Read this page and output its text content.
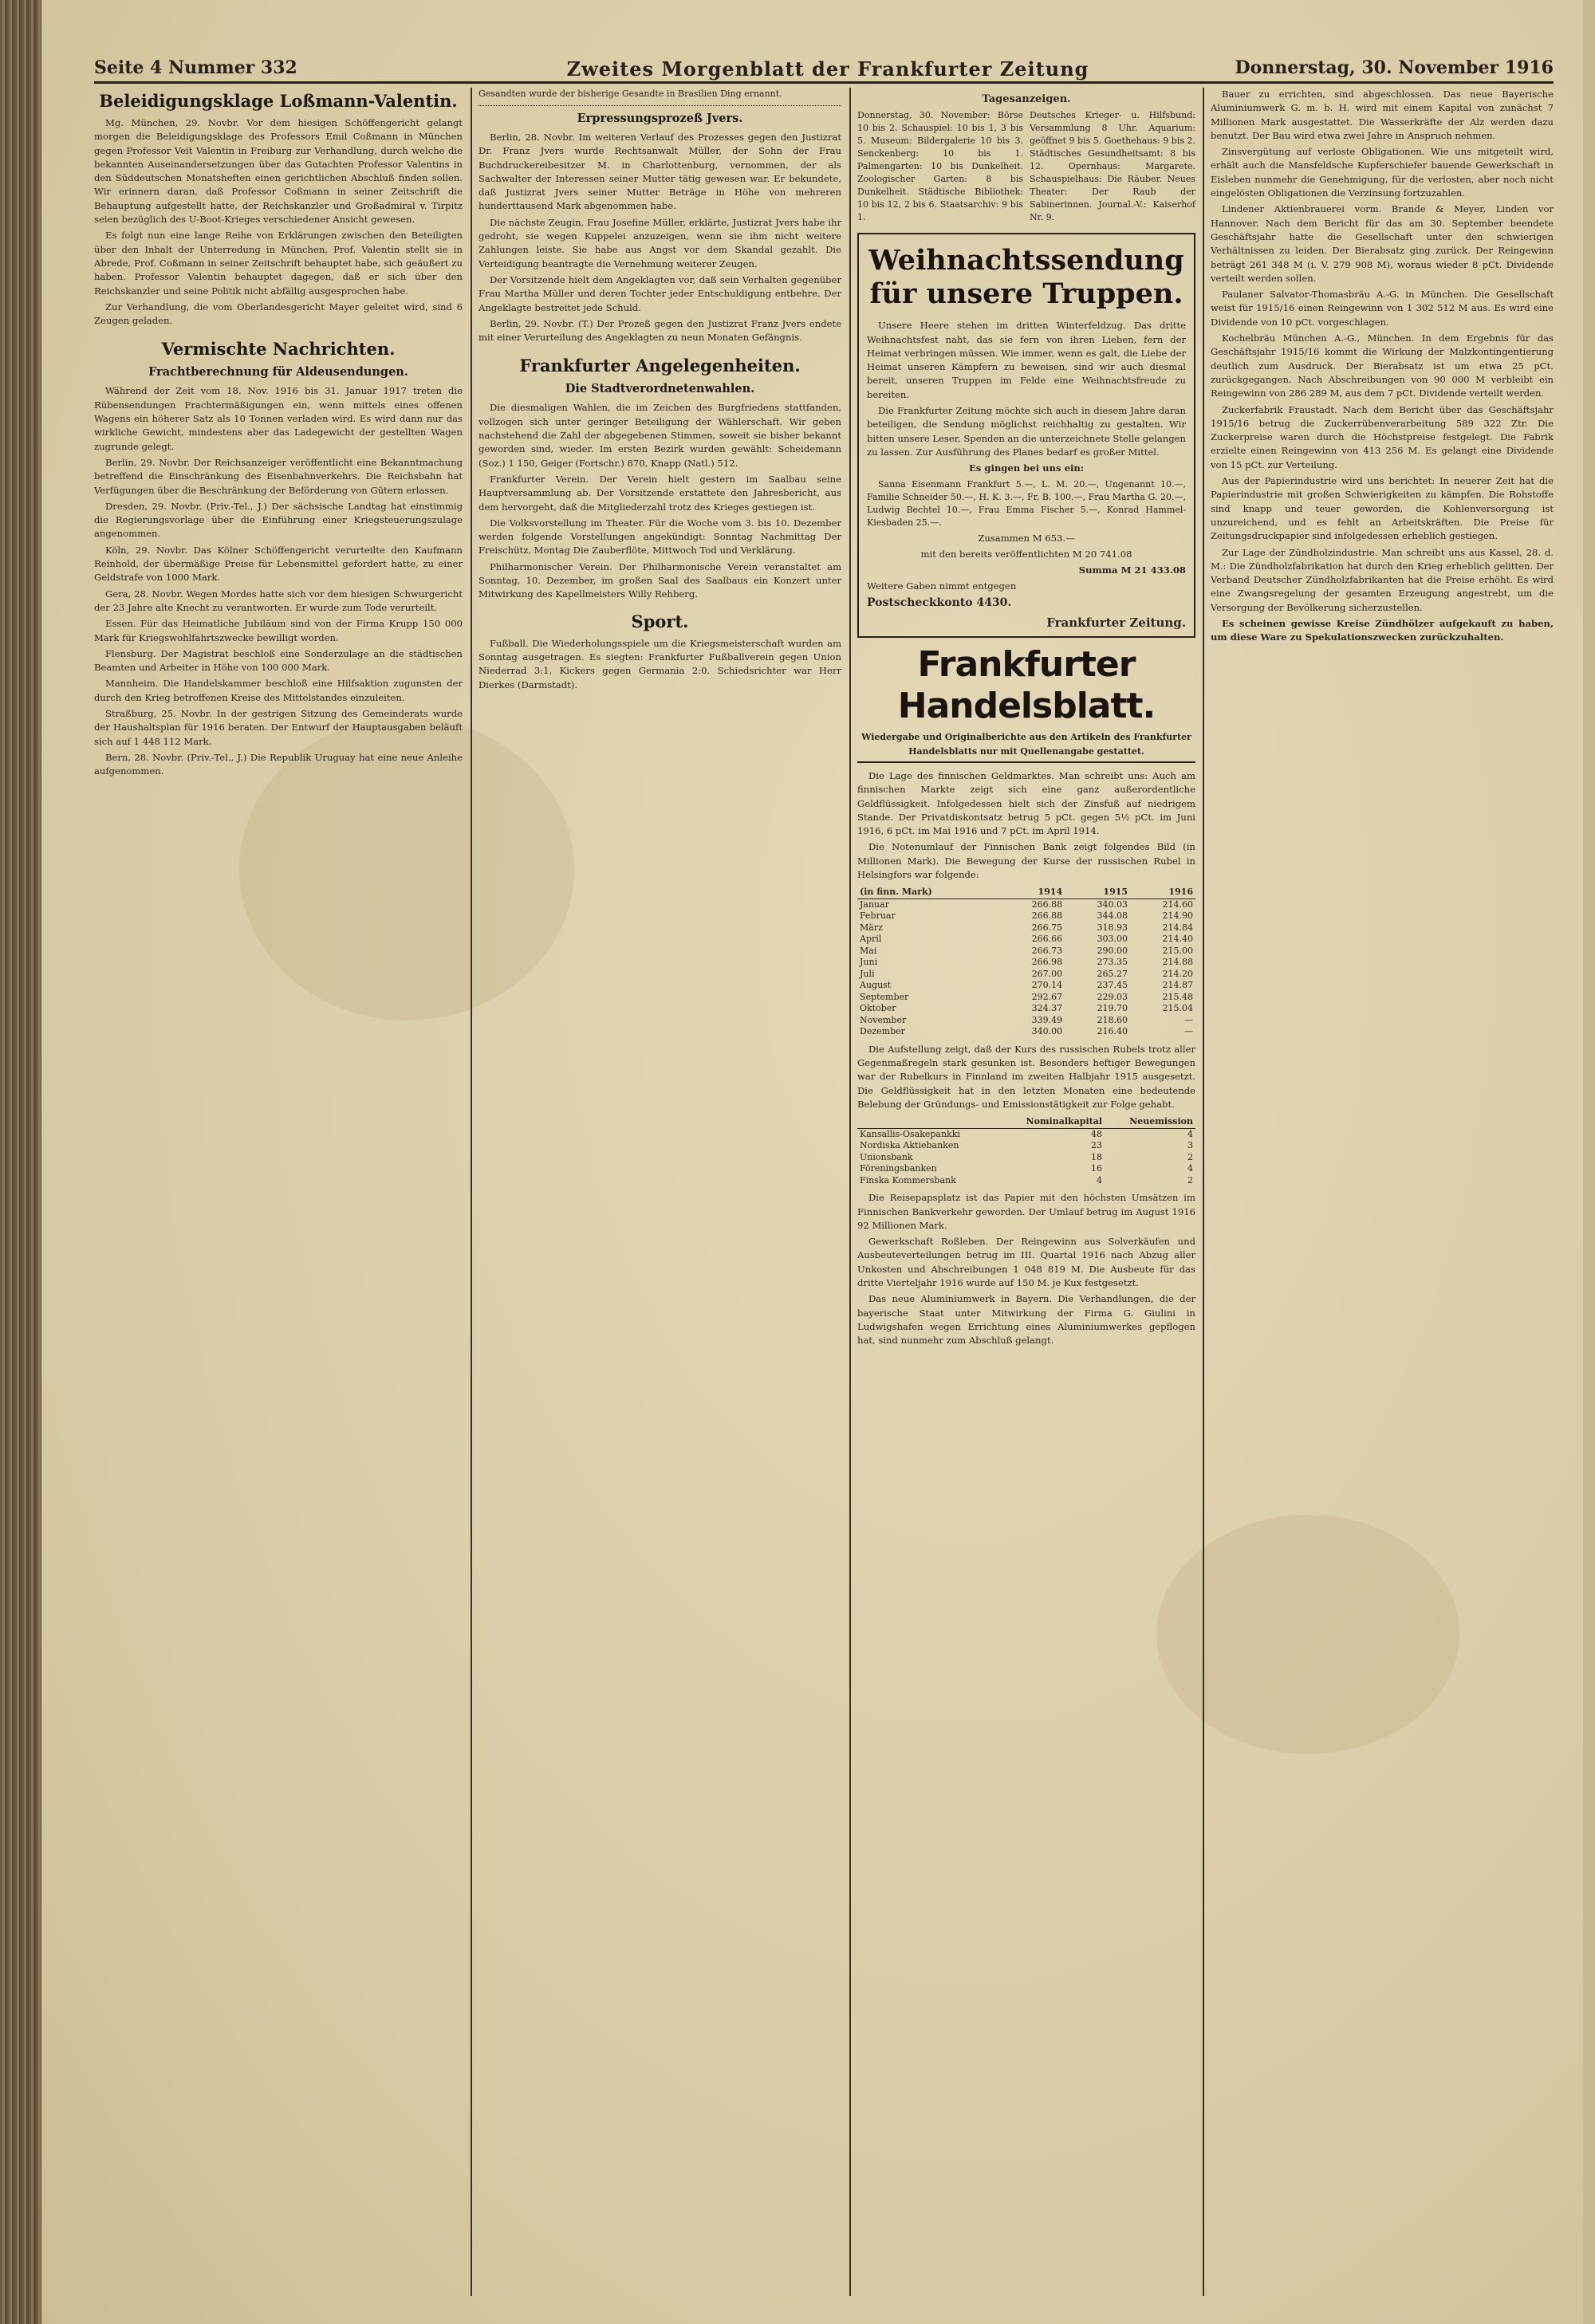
Seite 4 Nummer 332	Zweites Morgenblatt der Frankfurter Zeitung	Donnerstag, 30. November 1916
Beleidigungsklage Loßmann-Valentin.

Mg. München, 29. Novbr. Vor dem hiesigen Schöffengericht gelangt morgen die Beleidigungsklage des Professors Emil Coßmann in München gegen Professor Veit Valentin in Freiburg zur Verhandlung, durch welche die bekannten Auseinandersetzungen über das Gutachten Professor Valentins in den Süddeutschen Monatsheften einen gerichtlichen Abschluß finden sollen. Wir erinnern daran, daß Professor Coßmann in seiner Zeitschrift die Behauptung aufgestellt hatte, der Reichskanzler und Großadmiral v. Tirpitz seien bezüglich des U-Boot-Krieges verschiedener Ansicht gewesen.

Es folgt nun eine lange Reihe von Erklärungen zwischen den Beteiligten über den Inhalt der Unterredung in München, Prof. Valentin stellt sie in Abrede, Prof. Coßmann in seiner Zeitschrift behauptet habe, sich geäußert zu haben. Professor Valentin behauptet dagegen, daß er sich über den Reichskanzler und seine Politik nicht abfällig ausgesprochen habe.

Zur Verhandlung, die vom Oberlandesgericht Mayer geleitet wird, sind 6 Zeugen geladen.

Vermischte Nachrichten.
Frachtberechnung für Aldeusendungen.

Während der Zeit vom 18. Nov. 1916 bis 31. Januar 1917 treten die Rübensendungen Frachtermäßigungen ein, wenn mittels eines offenen Wagens ein höherer Satz als 10 Tonnen verladen wird. Es wird dann nur das wirkliche Gewicht, mindestens aber das Ladegewicht der gestellten Wagen zugrunde gelegt.

Berlin, 29. Novbr. Der Reichsanzeiger veröffentlicht eine Bekanntmachung betreffend die Einschränkung des Eisenbahnverkehrs. Die Reichsbahn hat Verfügungen über die Beschränkung der Beförderung von Gütern erlassen.

Dresden, 29. Novbr. (Priv.-Tel., J.) Der sächsische Landtag hat einstimmig die Regierungsvorlage über die Einführung einer Kriegsteuerungszulage angenommen.

Köln, 29. Novbr. Das Kölner Schöffengericht verurteilte den Kaufmann Reinhold, der übermäßige Preise für Lebensmittel gefordert hatte, zu einer Geldstrafe von 1000 Mark.

Gera, 28. Novbr. Wegen Mordes hatte sich vor dem hiesigen Schwurgericht der 23 Jahre alte Knecht zu verantworten. Er wurde zum Tode verurteilt.

Essen. Für das Heimatliche Jubiläum sind von der Firma Krupp 150 000 Mark für Kriegswohlfahrtszwecke bewilligt worden.

Flensburg. Der Magistrat beschloß eine Sonderzulage an die städtischen Beamten und Arbeiter in Höhe von 100 000 Mark.

Mannheim. Die Handelskammer beschloß eine Hilfsaktion zugunsten der durch den Krieg betroffenen Kreise des Mittelstandes einzuleiten.

Straßburg, 25. Novbr. In der gestrigen Sitzung des Gemeinderats wurde der Haushaltsplan für 1916 beraten. Der Entwurf der Hauptausgaben beläuft sich auf 1 448 112 Mark.

Bern, 28. Novbr. (Priv.-Tel., J.) Die Republik Uruguay hat eine neue Anleihe aufgenommen.

Gesandten wurde der bisherige Gesandte in Brasilien Ding ernannt.

Erpressungsprozeß Jvers.

Berlin, 28. Novbr. Im weiteren Verlauf des Prozesses gegen den Justizrat Dr. Franz Jvers wurde Rechtsanwalt Müller, der Sohn der Frau Buchdruckereibesitzer M. in Charlottenburg, vernommen, der als Sachwalter der Interessen seiner Mutter tätig gewesen war. Er bekundete, daß Justizrat Jvers seiner Mutter Beträge in Höhe von mehreren hunderttausend Mark abgenommen habe.

Die nächste Zeugin, Frau Josefine Müller, erklärte, Justizrat Jvers habe ihr gedroht, sie wegen Kuppelei anzuzeigen, wenn sie ihm nicht weitere Zahlungen leiste. Sie habe aus Angst vor dem Skandal gezahlt. Die Verteidigung beantragte die Vernehmung weiterer Zeugen.

Der Vorsitzende hielt dem Angeklagten vor, daß sein Verhalten gegenüber Frau Martha Müller und deren Tochter jeder Entschuldigung entbehre. Der Angeklagte bestreitet jede Schuld.

Berlin, 29. Novbr. (T.) Der Prozeß gegen den Justizrat Franz Jvers endete mit einer Verurteilung des Angeklagten zu neun Monaten Gefängnis.

Frankfurter Angelegenheiten.
Die Stadtverordnetenwahlen.

Die diesmaligen Wahlen, die im Zeichen des Burgfriedens stattfanden, vollzogen sich unter geringer Beteiligung der Wählerschaft. Wir geben nachstehend die Zahl der abgegebenen Stimmen, soweit sie bisher bekannt geworden sind, wieder. Im ersten Bezirk wurden gewählt: Scheidemann (Soz.) 1 150, Geiger (Fortschr.) 870, Knapp (Natl.) 512.

Frankfurter Verein. Der Verein hielt gestern im Saalbau seine Hauptversammlung ab. Der Vorsitzende erstattete den Jahresbericht, aus dem hervorgeht, daß die Mitgliederzahl trotz des Krieges gestiegen ist.

Die Volksvorstellung im Theater. Für die Woche vom 3. bis 10. Dezember werden folgende Vorstellungen angekündigt: Sonntag Nachmittag Der Freischütz, Montag Die Zauberflöte, Mittwoch Tod und Verklärung.

Philharmonischer Verein. Der Philharmonische Verein veranstaltet am Sonntag, 10. Dezember, im großen Saal des Saalbaus ein Konzert unter Mitwirkung des Kapellmeisters Willy Rehberg.

Sport.

Fußball. Die Wiederholungsspiele um die Kriegsmeisterschaft wurden am Sonntag ausgetragen. Es siegten: Frankfurter Fußballverein gegen Union Niederrad 3:1, Kickers gegen Germania 2:0. Schiedsrichter war Herr Dierkes (Darmstadt).

Tagesanzeigen.

Donnerstag, 30. November: Börse 10 bis 2. Schauspiel: 10 bis 1, 3 bis 5. Museum: Bildergalerie 10 bis 3. Senckenberg: 10 bis 1. Palmengarten: 10 bis Dunkelheit. Zoologischer Garten: 8 bis Dunkelheit. Städtische Bibliothek: 10 bis 12, 2 bis 6. Staatsarchiv: 9 bis 1.

Deutsches Krieger- u. Hilfsbund: Versammlung 8 Uhr. Aquarium: geöffnet 9 bis 5. Goethehaus: 9 bis 2. Städtisches Gesundheitsamt: 8 bis 12. Opernhaus: Margarete. Schauspielhaus: Die Räuber. Neues Theater: Der Raub der Sabinerinnen. Journal.-V.: Kaiserhof Nr. 9.

Weihnachtssendung für unsere Truppen.

Unsere Heere stehen im dritten Winterfeldzug. Das dritte Weihnachtsfest naht, das sie fern von ihren Lieben, fern der Heimat verbringen müssen. Wie immer, wenn es galt, die Liebe der Heimat unseren Kämpfern zu beweisen, sind wir auch diesmal bereit, unseren Truppen im Felde eine Weihnachtsfreude zu bereiten.

Die Frankfurter Zeitung möchte sich auch in diesem Jahre daran beteiligen, die Sendung möglichst reichhaltig zu gestalten. Wir bitten unsere Leser, Spenden an die unterzeichnete Stelle gelangen zu lassen. Zur Ausführung des Planes bedarf es großer Mittel.

Es gingen bei uns ein:

Sanna Eisenmann Frankfurt 5.—, L. M. 20.—, Ungenannt 10.—, Familie Schneider 50.—, H. K. 3.—, Fr. B. 100.—, Frau Martha G. 20.—, Ludwig Bechtel 10.—, Frau Emma Fischer 5.—, Konrad Hammel-Kiesbaden 25.—.

Zusammen M 653.—

mit den bereits veröffentlichten M 20 741.08

Summa M 21 433.08

Weitere Gaben nimmt entgegen

Postscheckkonto 4430.

Frankfurter Zeitung.
Frankfurter Handelsblatt.
Wiedergabe und Originalberichte aus den Artikeln des Frankfurter Handelsblatts nur mit Quellenangabe gestattet.

Die Lage des finnischen Geldmarktes. Man schreibt uns: Auch am finnischen Markte zeigt sich eine ganz außerordentliche Geldflüssigkeit. Infolgedessen hielt sich der Zinsfuß auf niedrigem Stande. Der Privatdiskontsatz betrug 5 pCt. gegen 5½ pCt. im Juni 1916, 6 pCt. im Mai 1916 und 7 pCt. im April 1914.

Die Notenumlauf der Finnischen Bank zeigt folgendes Bild (in Millionen Mark). Die Bewegung der Kurse der russischen Rubel in Helsingfors war folgende:

(in finn. Mark)	1914	1915	1916
Januar	266.88	340.03	214.60
Februar	266.88	344.08	214.90
März	266.75	318.93	214.84
April	266.66	303.00	214.40
Mai	266.73	290.00	215.00
Juni	266.98	273.35	214.88
Juli	267.00	265.27	214.20
August	270.14	237.45	214.87
September	292.67	229.03	215.48
Oktober	324.37	219.70	215.04
November	339.49	218.60	—
Dezember	340.00	216.40	—

Die Aufstellung zeigt, daß der Kurs des russischen Rubels trotz aller Gegenmaßregeln stark gesunken ist. Besonders heftiger Bewegungen war der Rubelkurs in Finnland im zweiten Halbjahr 1915 ausgesetzt. Die Geldflüssigkeit hat in den letzten Monaten eine bedeutende Belebung der Gründungs- und Emissionstätigkeit zur Folge gehabt.

	Nominalkapital	Neuemission
Kansallis-Osakepankki	48	4
Nordiska Aktiebanken	23	3
Unionsbank	18	2
Föreningsbanken	16	4
Finska Kommersbank	4	2

Die Reisepapsplatz ist das Papier mit den höchsten Umsätzen im Finnischen Bankverkehr geworden. Der Umlauf betrug im August 1916 92 Millionen Mark.

Gewerkschaft Roßleben. Der Reingewinn aus Solverkäufen und Ausbeuteverteilungen betrug im III. Quartal 1916 nach Abzug aller Unkosten und Abschreibungen 1 048 819 M. Die Ausbeute für das dritte Vierteljahr 1916 wurde auf 150 M. je Kux festgesetzt.

Das neue Aluminiumwerk in Bayern. Die Verhandlungen, die der bayerische Staat unter Mitwirkung der Firma G. Giulini in Ludwigshafen wegen Errichtung eines Aluminiumwerkes gepflogen hat, sind nunmehr zum Abschluß gelangt.

Bauer zu errichten, sind abgeschlossen. Das neue Bayerische Aluminiumwerk G. m. b. H. wird mit einem Kapital von zunächst 7 Millionen Mark ausgestattet. Die Wasserkräfte der Alz werden dazu benutzt. Der Bau wird etwa zwei Jahre in Anspruch nehmen.

Zinsvergütung auf verloste Obligationen. Wie uns mitgeteilt wird, erhält auch die Mansfeldsche Kupferschiefer bauende Gewerkschaft in Eisleben nunmehr die Genehmigung, für die verlosten, aber noch nicht eingelösten Obligationen die Verzinsung fortzuzahlen.

Lindener Aktienbrauerei vorm. Brande & Meyer, Linden vor Hannover. Nach dem Bericht für das am 30. September beendete Geschäftsjahr hatte die Gesellschaft unter den schwierigen Verhältnissen zu leiden. Der Bierabsatz ging zurück. Der Reingewinn beträgt 261 348 M (i. V. 279 908 M), woraus wieder 8 pCt. Dividende verteilt werden sollen.

Paulaner Salvator-Thomasbräu A.-G. in München. Die Gesellschaft weist für 1915/16 einen Reingewinn von 1 302 512 M aus. Es wird eine Dividende von 10 pCt. vorgeschlagen.

Kochelbräu München A.-G., München. In dem Ergebnis für das Geschäftsjahr 1915/16 kommt die Wirkung der Malzkontingentierung deutlich zum Ausdruck. Der Bierabsatz ist um etwa 25 pCt. zurückgegangen. Nach Abschreibungen von 90 000 M verbleibt ein Reingewinn von 286 289 M, aus dem 7 pCt. Dividende verteilt werden.

Zuckerfabrik Fraustadt. Nach dem Bericht über das Geschäftsjahr 1915/16 betrug die Zuckerrübenverarbeitung 589 322 Ztr. Die Zuckerpreise waren durch die Höchstpreise festgelegt. Die Fabrik erzielte einen Reingewinn von 413 256 M. Es gelangt eine Dividende von 15 pCt. zur Verteilung.

Aus der Papierindustrie wird uns berichtet: In neuerer Zeit hat die Papierindustrie mit großen Schwierigkeiten zu kämpfen. Die Rohstoffe sind knapp und teuer geworden, die Kohlenversorgung ist unzureichend, und es fehlt an Arbeitskräften. Die Preise für Zeitungsdruckpapier sind infolgedessen erheblich gestiegen.

Zur Lage der Zündholzindustrie. Man schreibt uns aus Kassel, 28. d. M.: Die Zündholzfabrikation hat durch den Krieg erheblich gelitten. Der Verband Deutscher Zündholzfabrikanten hat die Preise erhöht. Es wird eine Zwangsregelung der gesamten Erzeugung angestrebt, um die Versorgung der Bevölkerung sicherzustellen.

Es scheinen gewisse Kreise Zündhölzer aufgekauft zu haben, um diese Ware zu Spekulationszwecken zurückzuhalten.
